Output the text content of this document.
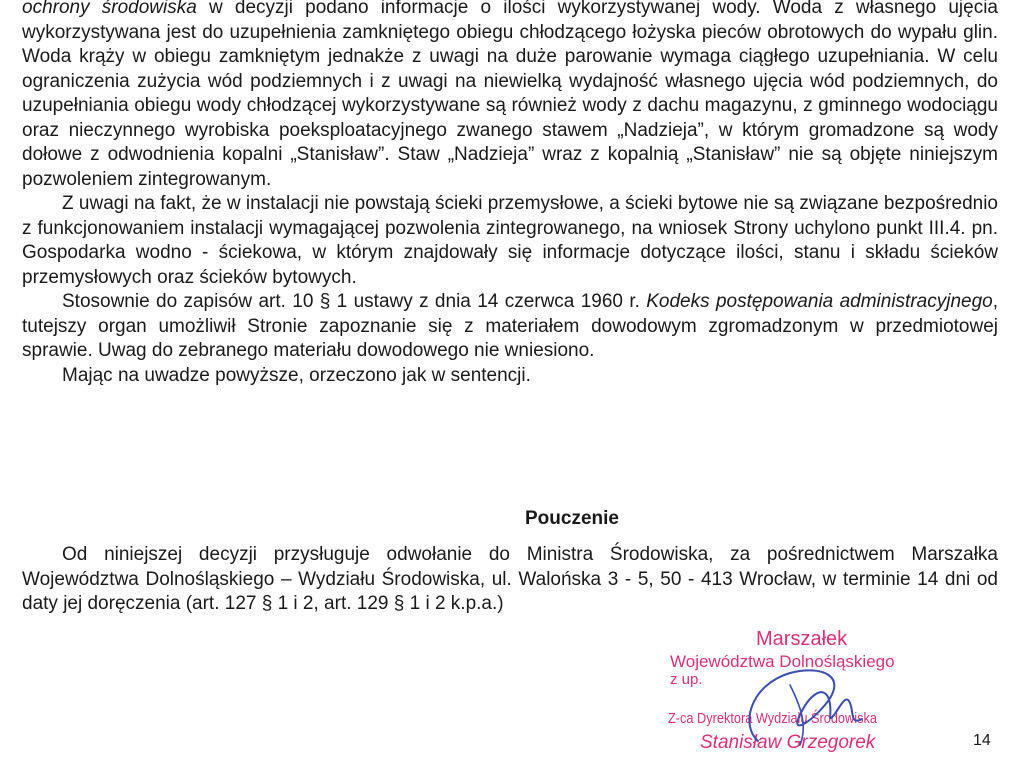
ochrony środowiska w decyzji podano informacje o ilości wykorzystywanej wody. Woda z własnego ujęcia wykorzystywana jest do uzupełnienia zamkniętego obiegu chłodzącego łożyska pieców obrotowych do wypału glin. Woda krąży w obiegu zamkniętym jednakże z uwagi na duże parowanie wymaga ciągłego uzupełniania. W celu ograniczenia zużycia wód podziemnych i z uwagi na niewielką wydajność własnego ujęcia wód podziemnych, do uzupełniania obiegu wody chłodzącej wykorzystywane są również wody z dachu magazynu, z gminnego wodociągu oraz nieczynnego wyrobiska poeksploatacyjnego zwanego stawem „Nadzieja”, w którym gromadzone są wody dołowe z odwodnienia kopalni „Stanisław”. Staw „Nadzieja” wraz z kopalnią „Stanisław” nie są objęte niniejszym pozwoleniem zintegrowanym.

Z uwagi na fakt, że w instalacji nie powstają ścieki przemysłowe, a ścieki bytowe nie są związane bezpośrednio z funkcjonowaniem instalacji wymagającej pozwolenia zintegrowanego, na wniosek Strony uchylono punkt III.4. pn. Gospodarka wodno - ściekowa, w którym znajdowały się informacje dotyczące ilości, stanu i składu ścieków przemysłowych oraz ścieków bytowych.

Stosownie do zapisów art. 10 § 1 ustawy z dnia 14 czerwca 1960 r. Kodeks postępowania administracyjnego, tutejszy organ umożliwił Stronie zapoznanie się z materiałem dowodowym zgromadzonym w przedmiotowej sprawie. Uwag do zebranego materiału dowodowego nie wniesiono.

Mając na uwadze powyższe, orzeczono jak w sentencji.

Pouczenie

Od niniejszej decyzji przysługuje odwołanie do Ministra Środowiska, za pośrednictwem Marszałka Województwa Dolnośląskiego – Wydziału Środowiska, ul. Walońska 3 - 5, 50 - 413 Wrocław, w terminie 14 dni od daty jej doręczenia (art. 127 § 1 i 2, art. 129 § 1 i 2 k.p.a.)

Marszałek
Województwa Dolnośląskiego
z up.
Z-ca Dyrektora Wydziału Środowiska
Stanisław Grzegorek	14
